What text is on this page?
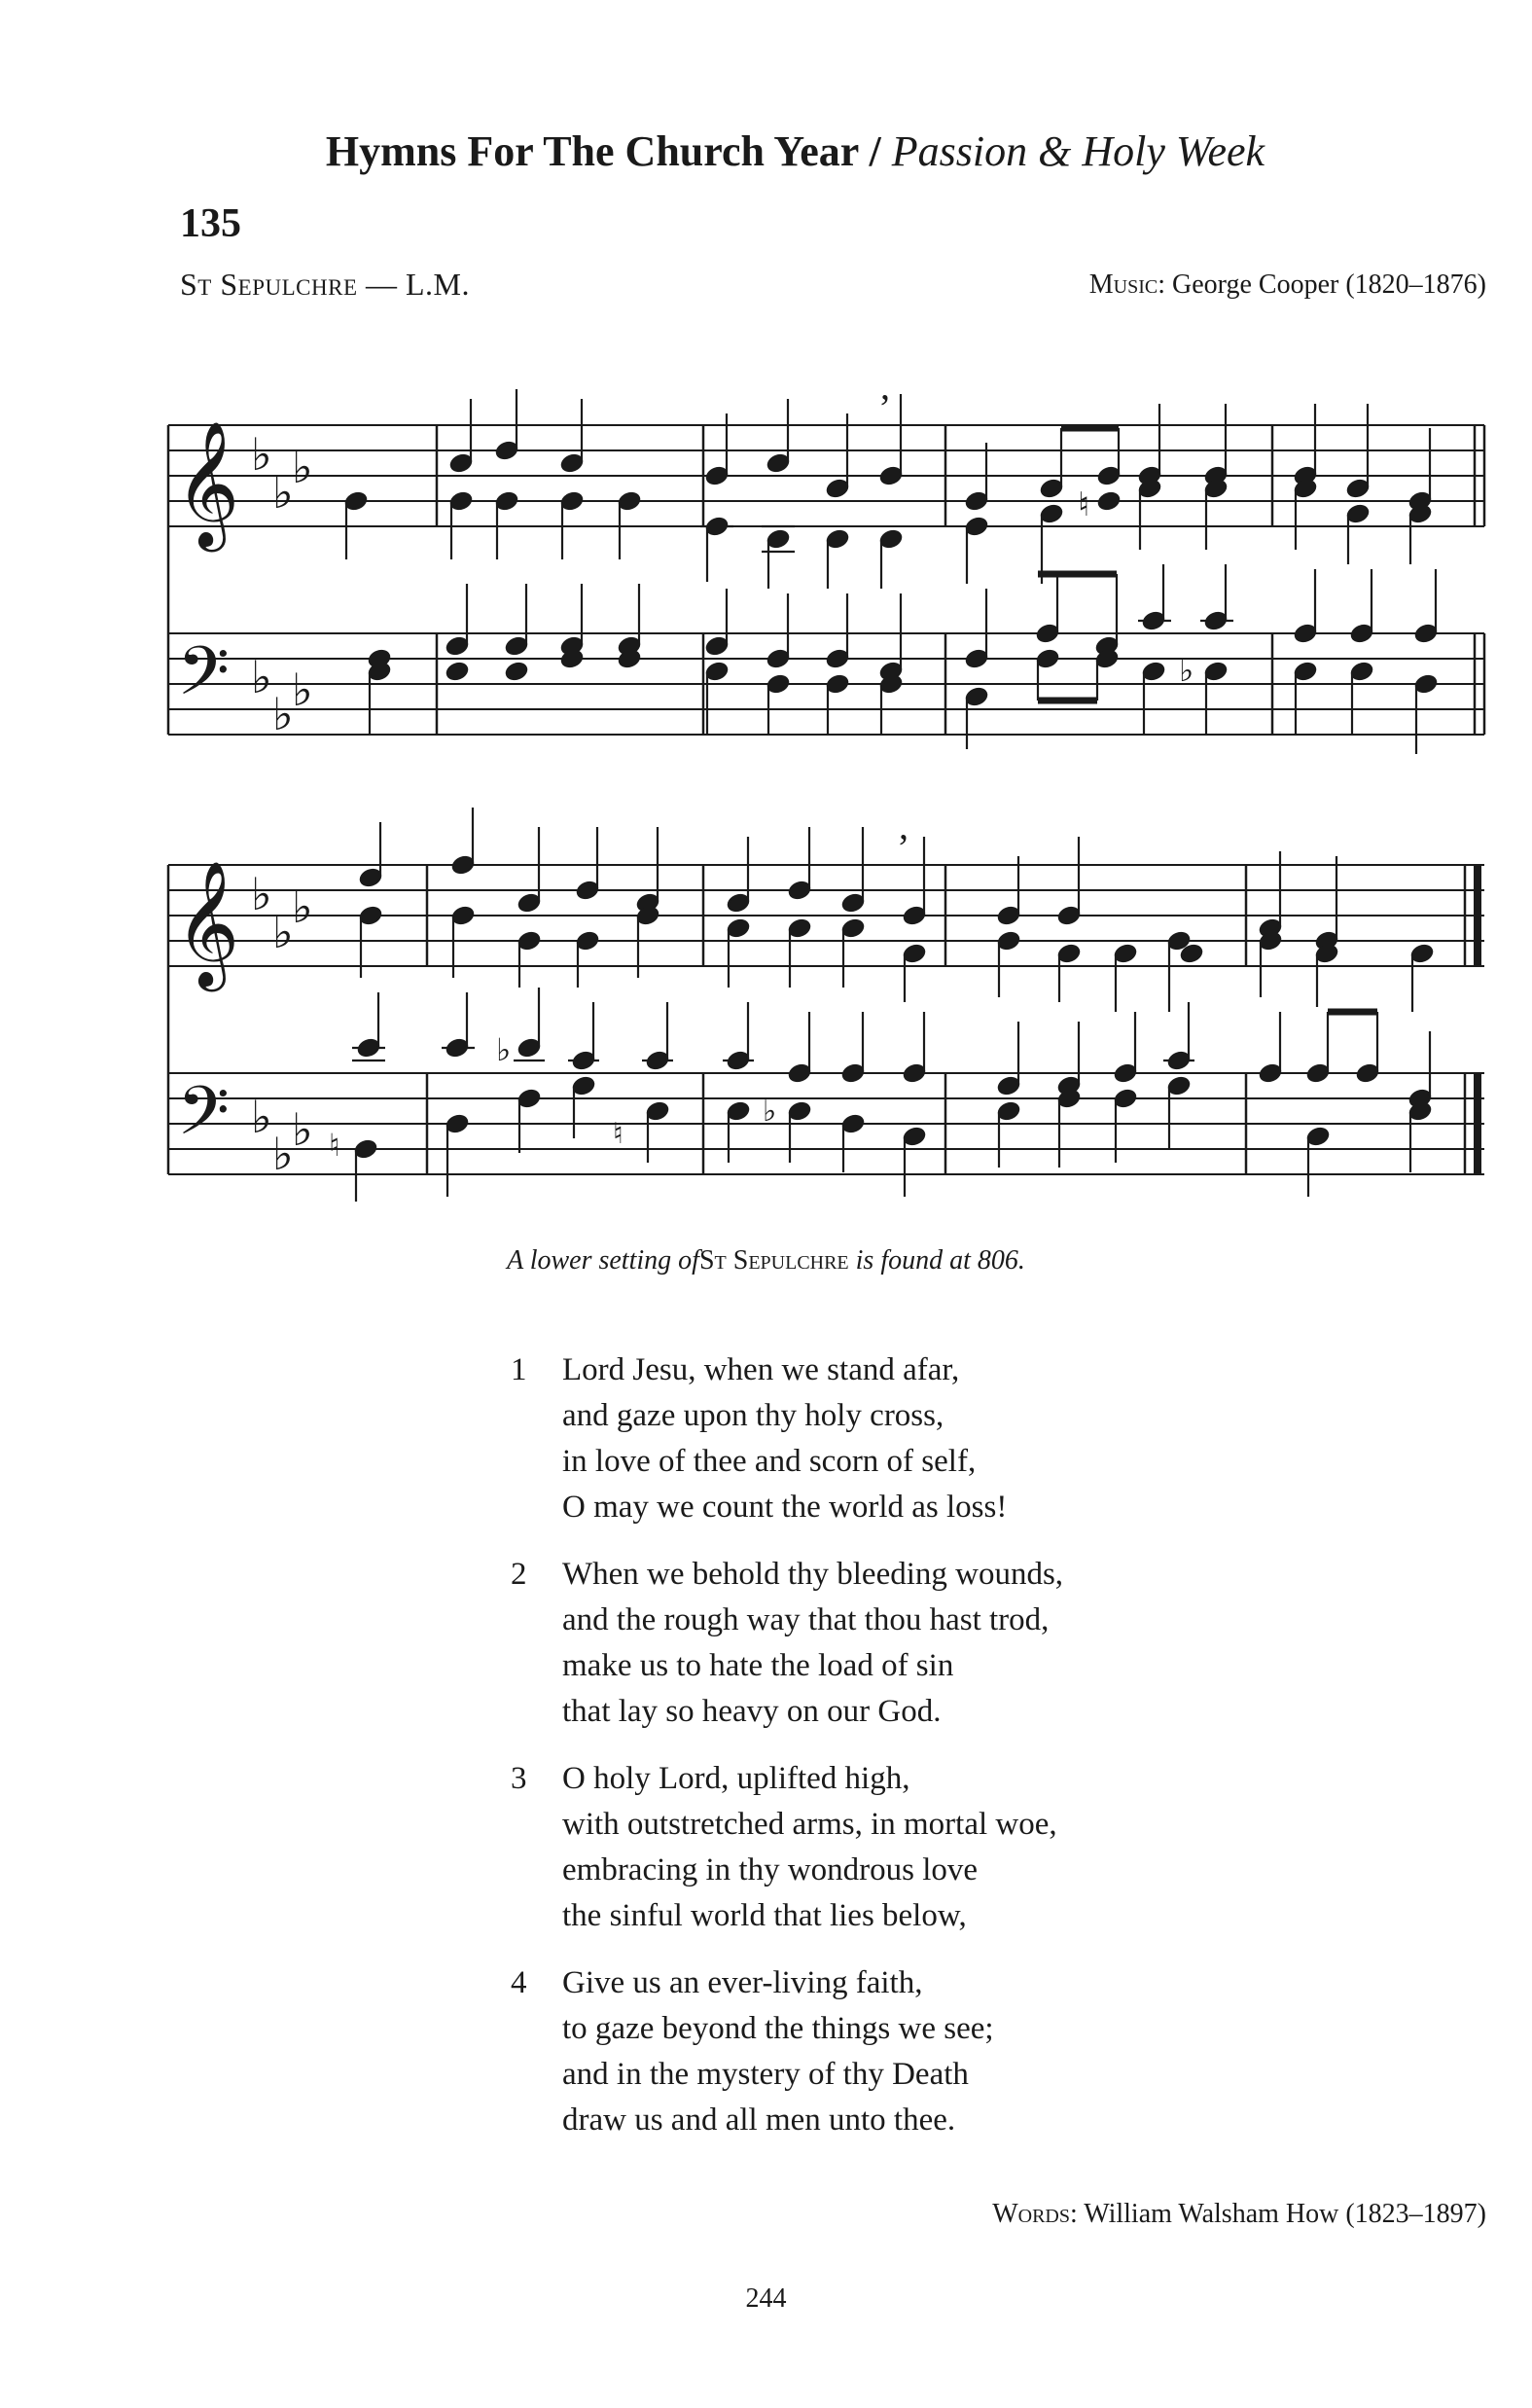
Hymns For The Church Year / Passion & Holy Week
135
ST SEPULCHRE — L.M.	MUSIC: George Cooper (1820–1876)
𝄞
𝄢
♭
♭
♭
♭
♭
♭
♮
,
♭
𝄞
𝄢
♭
♭
♭
♭
♭
♭
,
♮
♭
♮
♭
A lower setting ofST SEPULCHRE is found at 806.
1 Lord Jesu, when we stand afar,
and gaze upon thy holy cross,
in love of thee and scorn of self,
O may we count the world as loss!
2 When we behold thy bleeding wounds,
and the rough way that thou hast trod,
make us to hate the load of sin
that lay so heavy on our God.
3 O holy Lord, uplifted high,
with outstretched arms, in mortal woe,
embracing in thy wondrous love
the sinful world that lies below,
4 Give us an ever-living faith,
to gaze beyond the things we see;
and in the mystery of thy Death
draw us and all men unto thee.
WORDS: William Walsham How (1823–1897)
244
